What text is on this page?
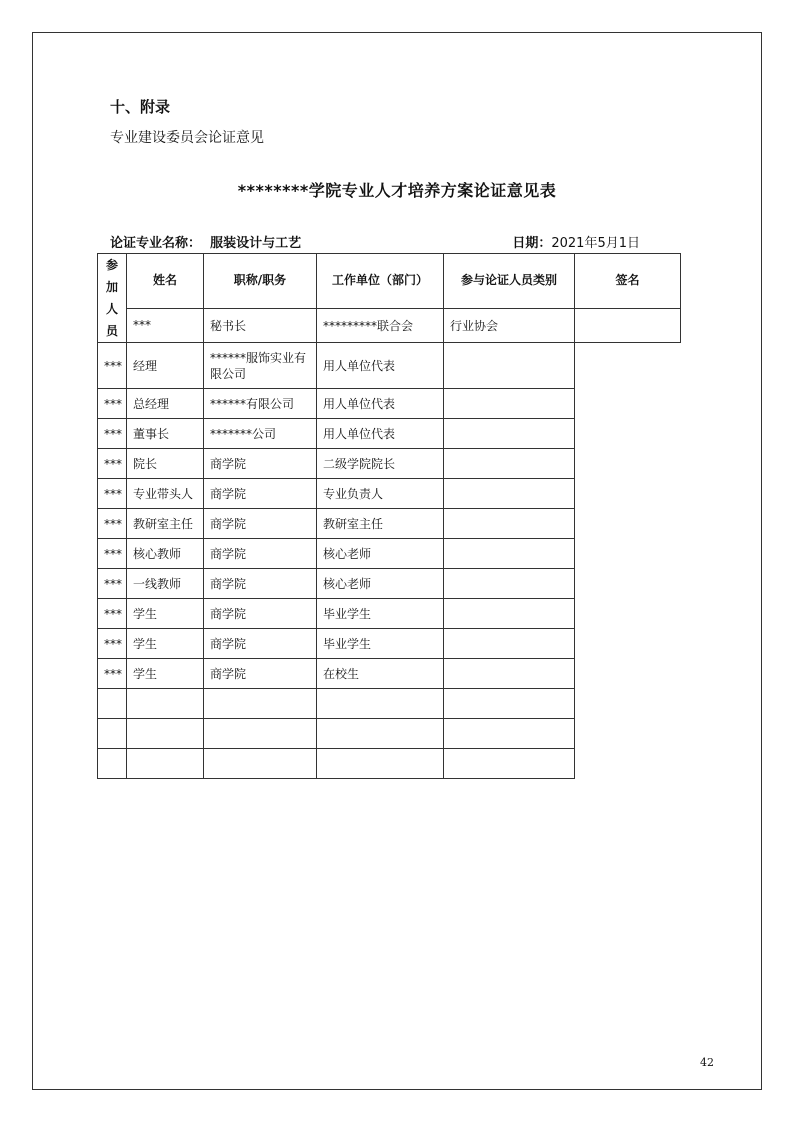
十、附录
专业建设委员会论证意见
********学院专业人才培养方案论证意见表
论证专业名称： 服装设计与工艺	日期：2021年5月1日
参
加
人
员	姓名	职称/职务	工作单位（部门）	参与论证人员类别	签名
	***	秘书长	*********联合会	行业协会	
***	经理	******服饰实业有限公司	用人单位代表		
***	总经理	******有限公司	用人单位代表		
***	董事长	*******公司	用人单位代表		
***	院长	商学院	二级学院院长		
***	专业带头人	商学院	专业负责人		
***	教研室主任	商学院	教研室主任		
***	核心教师	商学院	核心老师		
***	一线教师	商学院	核心老师		
***	学生	商学院	毕业学生		
***	学生	商学院	毕业学生		
***	学生	商学院	在校生		

42
